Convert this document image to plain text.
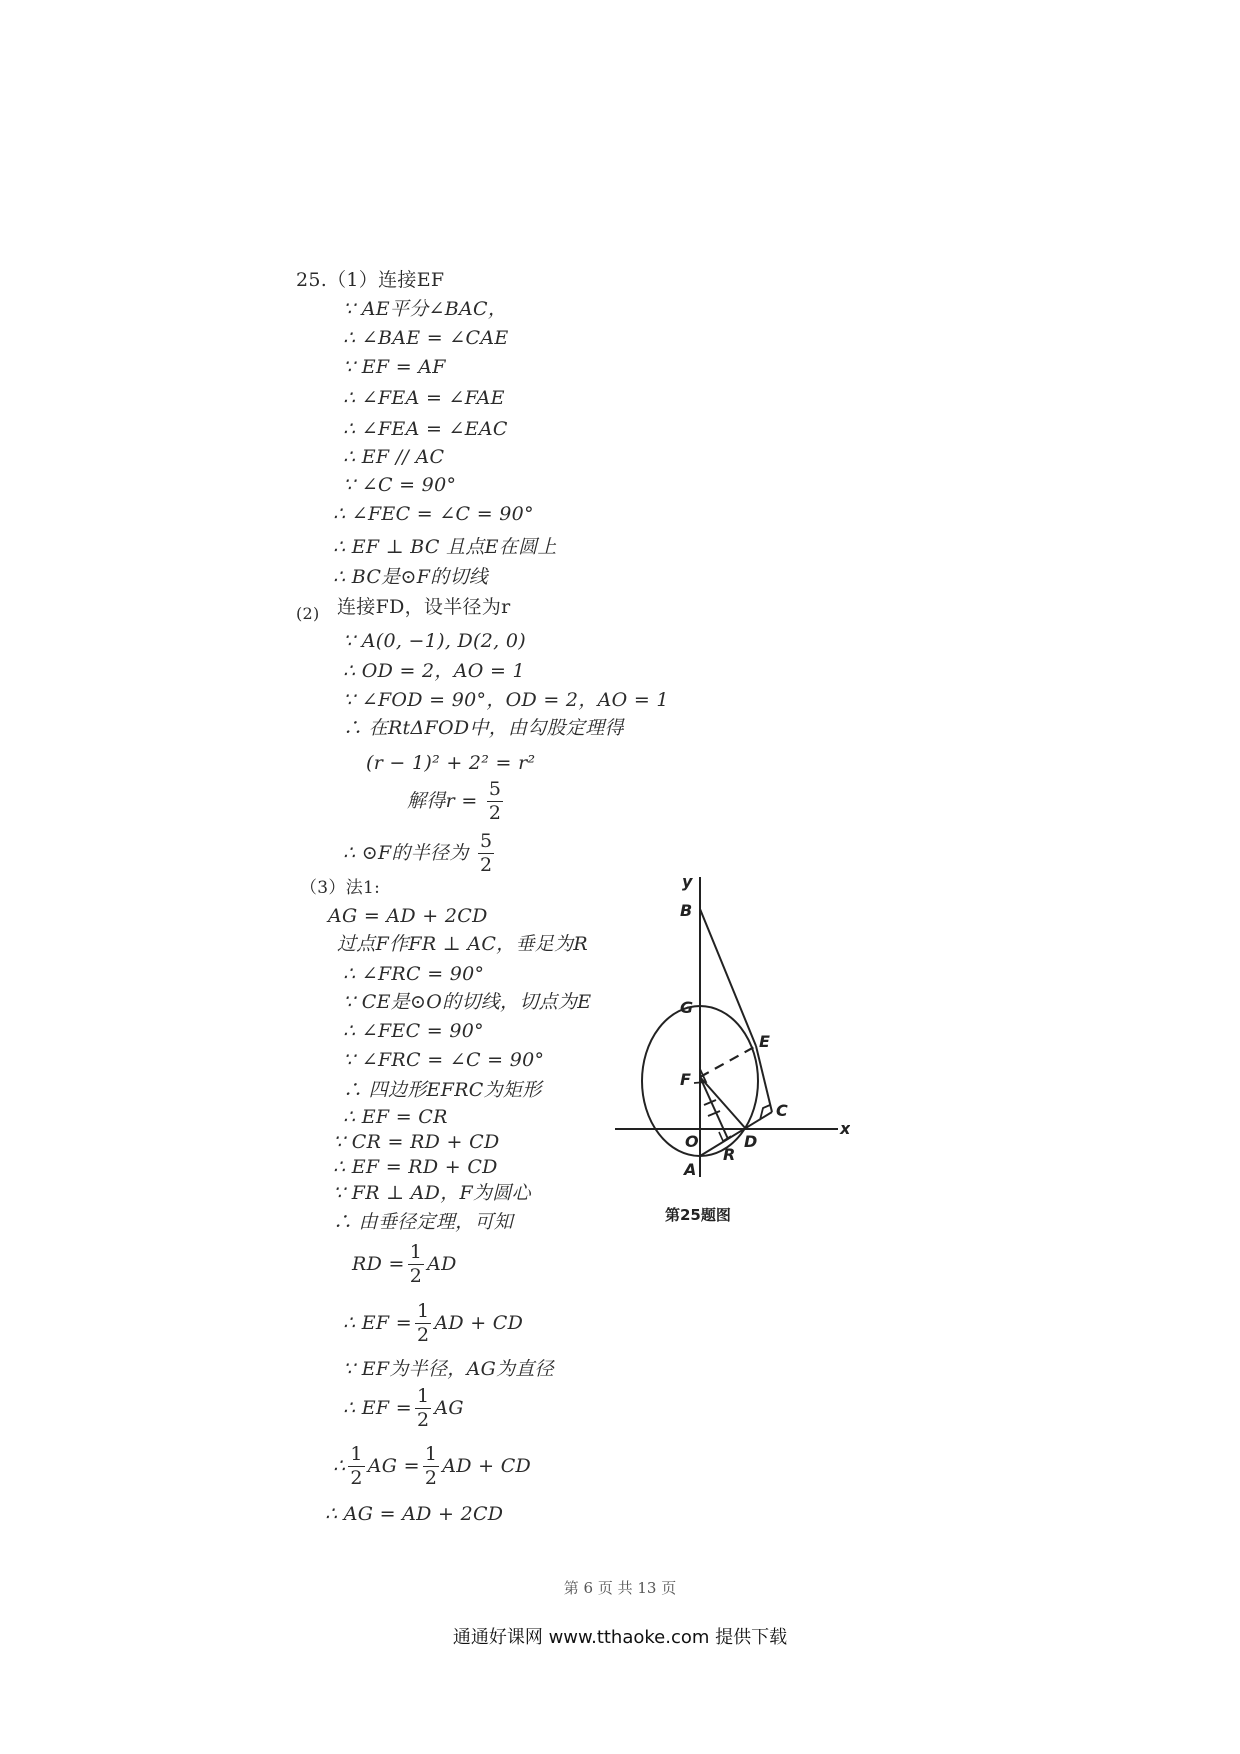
25.（1）连接EF
∵ AE平分∠BAC，
∴ ∠BAE = ∠CAE
∵ EF = AF
∴ ∠FEA = ∠FAE
∴ ∠FEA = ∠EAC
∴ EF // AC
∵ ∠C = 90°
∴ ∠FEC = ∠C = 90°
∴ EF ⊥ BC 且点E在圆上
∴ BC是⊙F的切线
(2) 连接FD，设半径为r
∵ A(0, −1), D(2, 0)
∴ OD = 2，AO = 1
∵ ∠FOD = 90°，OD = 2，AO = 1
∴ 在RtΔFOD中，由勾股定理得
(r − 1)² + 2² = r²
解得$r = \frac{5}{2}$
∴ ⊙F的半径为 $\frac{5}{2}$
（3）法1:
AG = AD + 2CD
过点F作FR ⊥ AC，垂足为R
∴ ∠FRC = 90°
∵ CE是⊙O的切线，切点为E
∴ ∠FEC = 90°
∵ ∠FRC = ∠C = 90°
∴ 四边形EFRC为矩形
∴ EF = CR
∵ CR = RD + CD
∴ EF = RD + CD
∵ FR ⊥ AD，F为圆心
∴ 由垂径定理，可知
RD = $\frac{1}{2}$ AD
∴ EF = $\frac{1}{2}$ AD + CD
∵ EF为半径，AG为直径
∴ EF = $\frac{1}{2}$ AG
∴ $\frac{1}{2}$ AG = $\frac{1}{2}$ AD + CD
∴ AG = AD + 2CD
y
x
B
G
E
F
C
O	D
R
A
第25题图
第 6 页 共 13 页
通通好课网 www.tthaoke.com 提供下载
